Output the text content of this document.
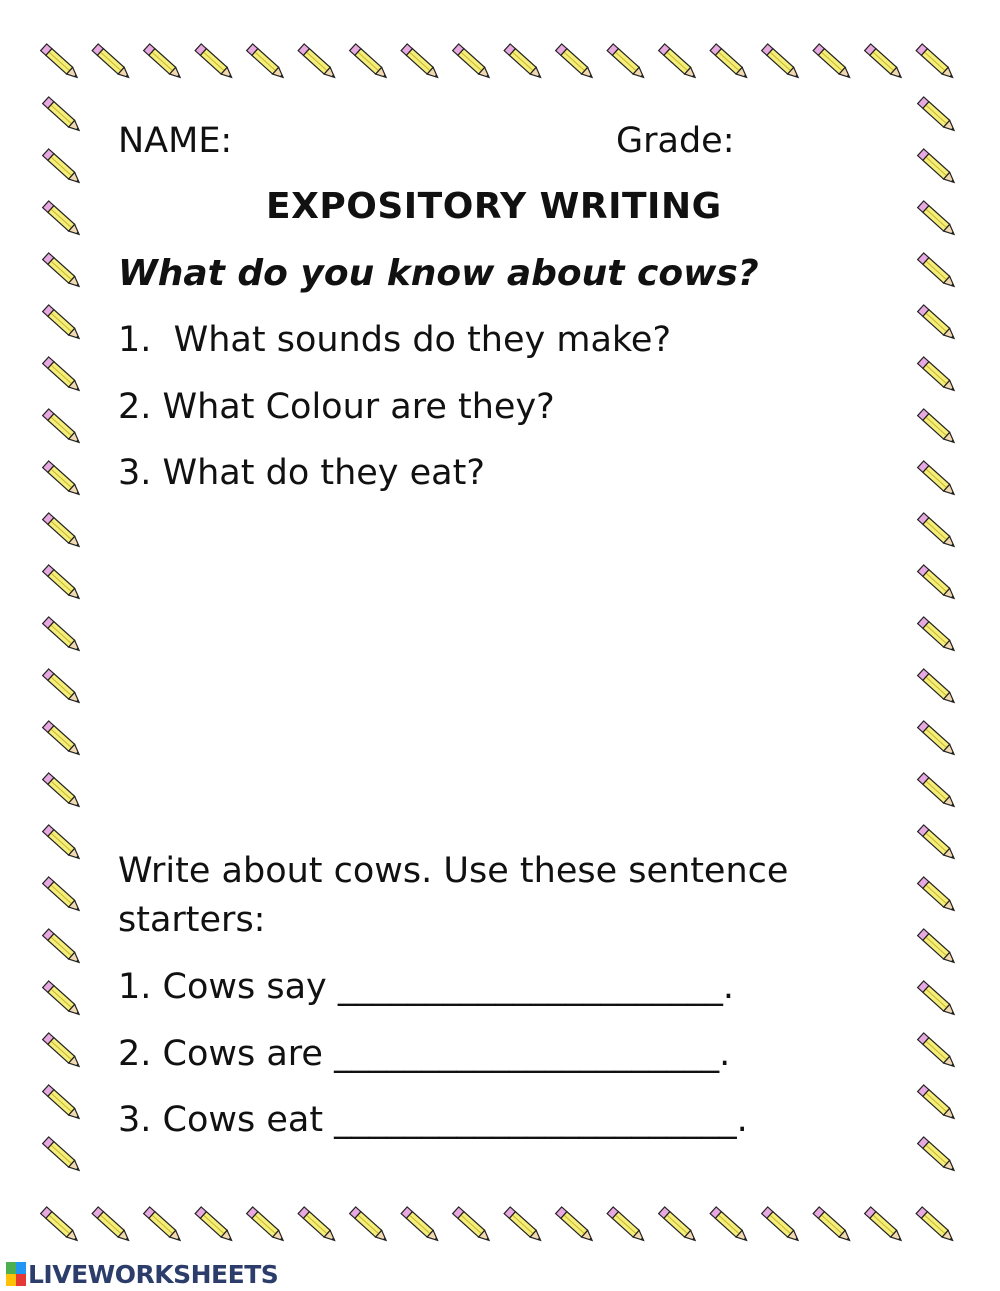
NAME:	Grade:
EXPOSITORY WRITING
What do you know about cows?
1.  What sounds do they make?
2. What Colour are they?
3. What do they eat?
Write about cows. Use these sentence
starters:
1. Cows say ______________________.
2. Cows are ______________________.
3. Cows eat _______________________.
LIVEWORKSHEETS
